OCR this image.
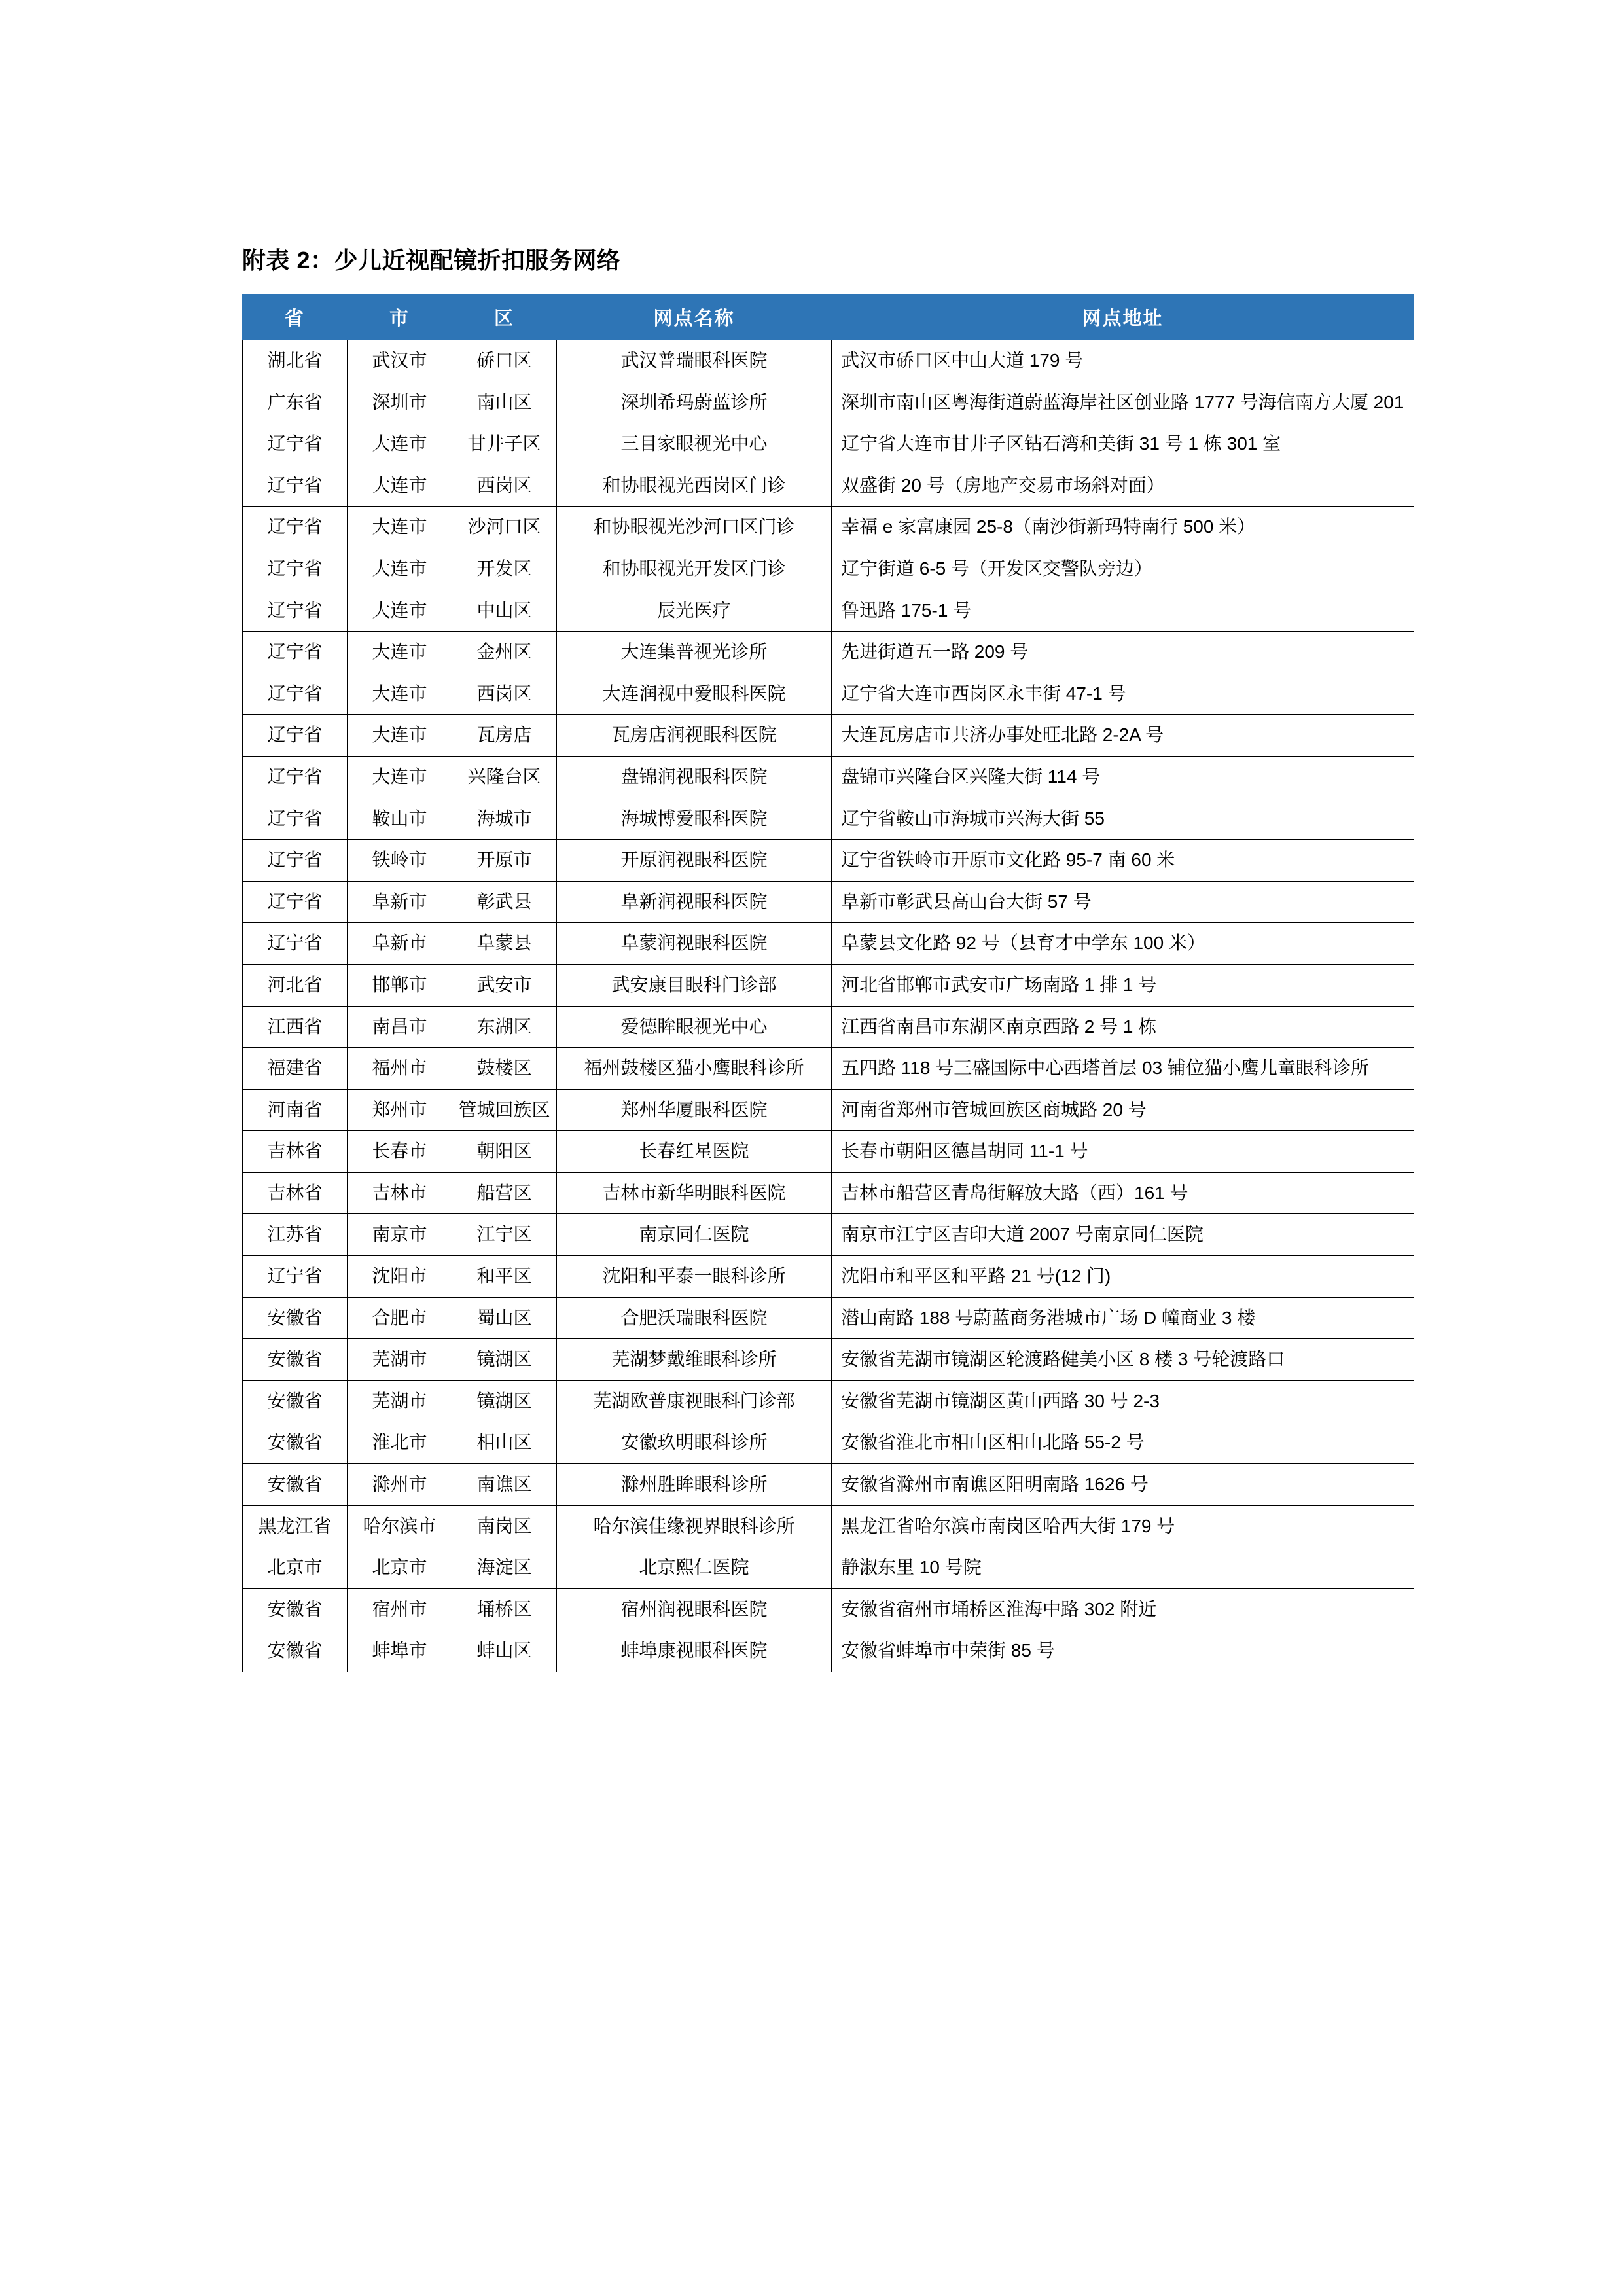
附表 2：少儿近视配镜折扣服务网络
省	市	区	网点名称	网点地址
湖北省	武汉市	硚口区	武汉普瑞眼科医院	武汉市硚口区中山大道 179 号
广东省	深圳市	南山区	深圳希玛蔚蓝诊所	深圳市南山区粤海街道蔚蓝海岸社区创业路 1777 号海信南方大厦 201
辽宁省	大连市	甘井子区	三目家眼视光中心	辽宁省大连市甘井子区钻石湾和美街 31 号 1 栋 301 室
辽宁省	大连市	西岗区	和协眼视光西岗区门诊	双盛街 20 号（房地产交易市场斜对面）
辽宁省	大连市	沙河口区	和协眼视光沙河口区门诊	幸福 e 家富康园 25-8（南沙街新玛特南行 500 米）
辽宁省	大连市	开发区	和协眼视光开发区门诊	辽宁街道 6-5 号（开发区交警队旁边）
辽宁省	大连市	中山区	辰光医疗	鲁迅路 175-1 号
辽宁省	大连市	金州区	大连集普视光诊所	先进街道五一路 209 号
辽宁省	大连市	西岗区	大连润视中爱眼科医院	辽宁省大连市西岗区永丰街 47-1 号
辽宁省	大连市	瓦房店	瓦房店润视眼科医院	大连瓦房店市共济办事处旺北路 2-2A 号
辽宁省	大连市	兴隆台区	盘锦润视眼科医院	盘锦市兴隆台区兴隆大街 114 号
辽宁省	鞍山市	海城市	海城博爱眼科医院	辽宁省鞍山市海城市兴海大街 55
辽宁省	铁岭市	开原市	开原润视眼科医院	辽宁省铁岭市开原市文化路 95-7 南 60 米
辽宁省	阜新市	彰武县	阜新润视眼科医院	阜新市彰武县高山台大街 57 号
辽宁省	阜新市	阜蒙县	阜蒙润视眼科医院	阜蒙县文化路 92 号（县育才中学东 100 米）
河北省	邯郸市	武安市	武安康目眼科门诊部	河北省邯郸市武安市广场南路 1 排 1 号
江西省	南昌市	东湖区	爱德眸眼视光中心	江西省南昌市东湖区南京西路 2 号 1 栋
福建省	福州市	鼓楼区	福州鼓楼区猫小鹰眼科诊所	五四路 118 号三盛国际中心西塔首层 03 铺位猫小鹰儿童眼科诊所
河南省	郑州市	管城回族区	郑州华厦眼科医院	河南省郑州市管城回族区商城路 20 号
吉林省	长春市	朝阳区	长春红星医院	长春市朝阳区德昌胡同 11-1 号
吉林省	吉林市	船营区	吉林市新华明眼科医院	吉林市船营区青岛街解放大路（西）161 号
江苏省	南京市	江宁区	南京同仁医院	南京市江宁区吉印大道 2007 号南京同仁医院
辽宁省	沈阳市	和平区	沈阳和平泰一眼科诊所	沈阳市和平区和平路 21 号(12 门)
安徽省	合肥市	蜀山区	合肥沃瑞眼科医院	潜山南路 188 号蔚蓝商务港城市广场 D 幢商业 3 楼
安徽省	芜湖市	镜湖区	芜湖梦戴维眼科诊所	安徽省芜湖市镜湖区轮渡路健美小区 8 楼 3 号轮渡路口
安徽省	芜湖市	镜湖区	芜湖欧普康视眼科门诊部	安徽省芜湖市镜湖区黄山西路 30 号 2-3
安徽省	淮北市	相山区	安徽玖明眼科诊所	安徽省淮北市相山区相山北路 55-2 号
安徽省	滁州市	南谯区	滁州胜眸眼科诊所	安徽省滁州市南谯区阳明南路 1626 号
黑龙江省	哈尔滨市	南岗区	哈尔滨佳缘视界眼科诊所	黑龙江省哈尔滨市南岗区哈西大街 179 号
北京市	北京市	海淀区	北京熙仁医院	静淑东里 10 号院
安徽省	宿州市	埇桥区	宿州润视眼科医院	安徽省宿州市埇桥区淮海中路 302 附近
安徽省	蚌埠市	蚌山区	蚌埠康视眼科医院	安徽省蚌埠市中荣街 85 号
